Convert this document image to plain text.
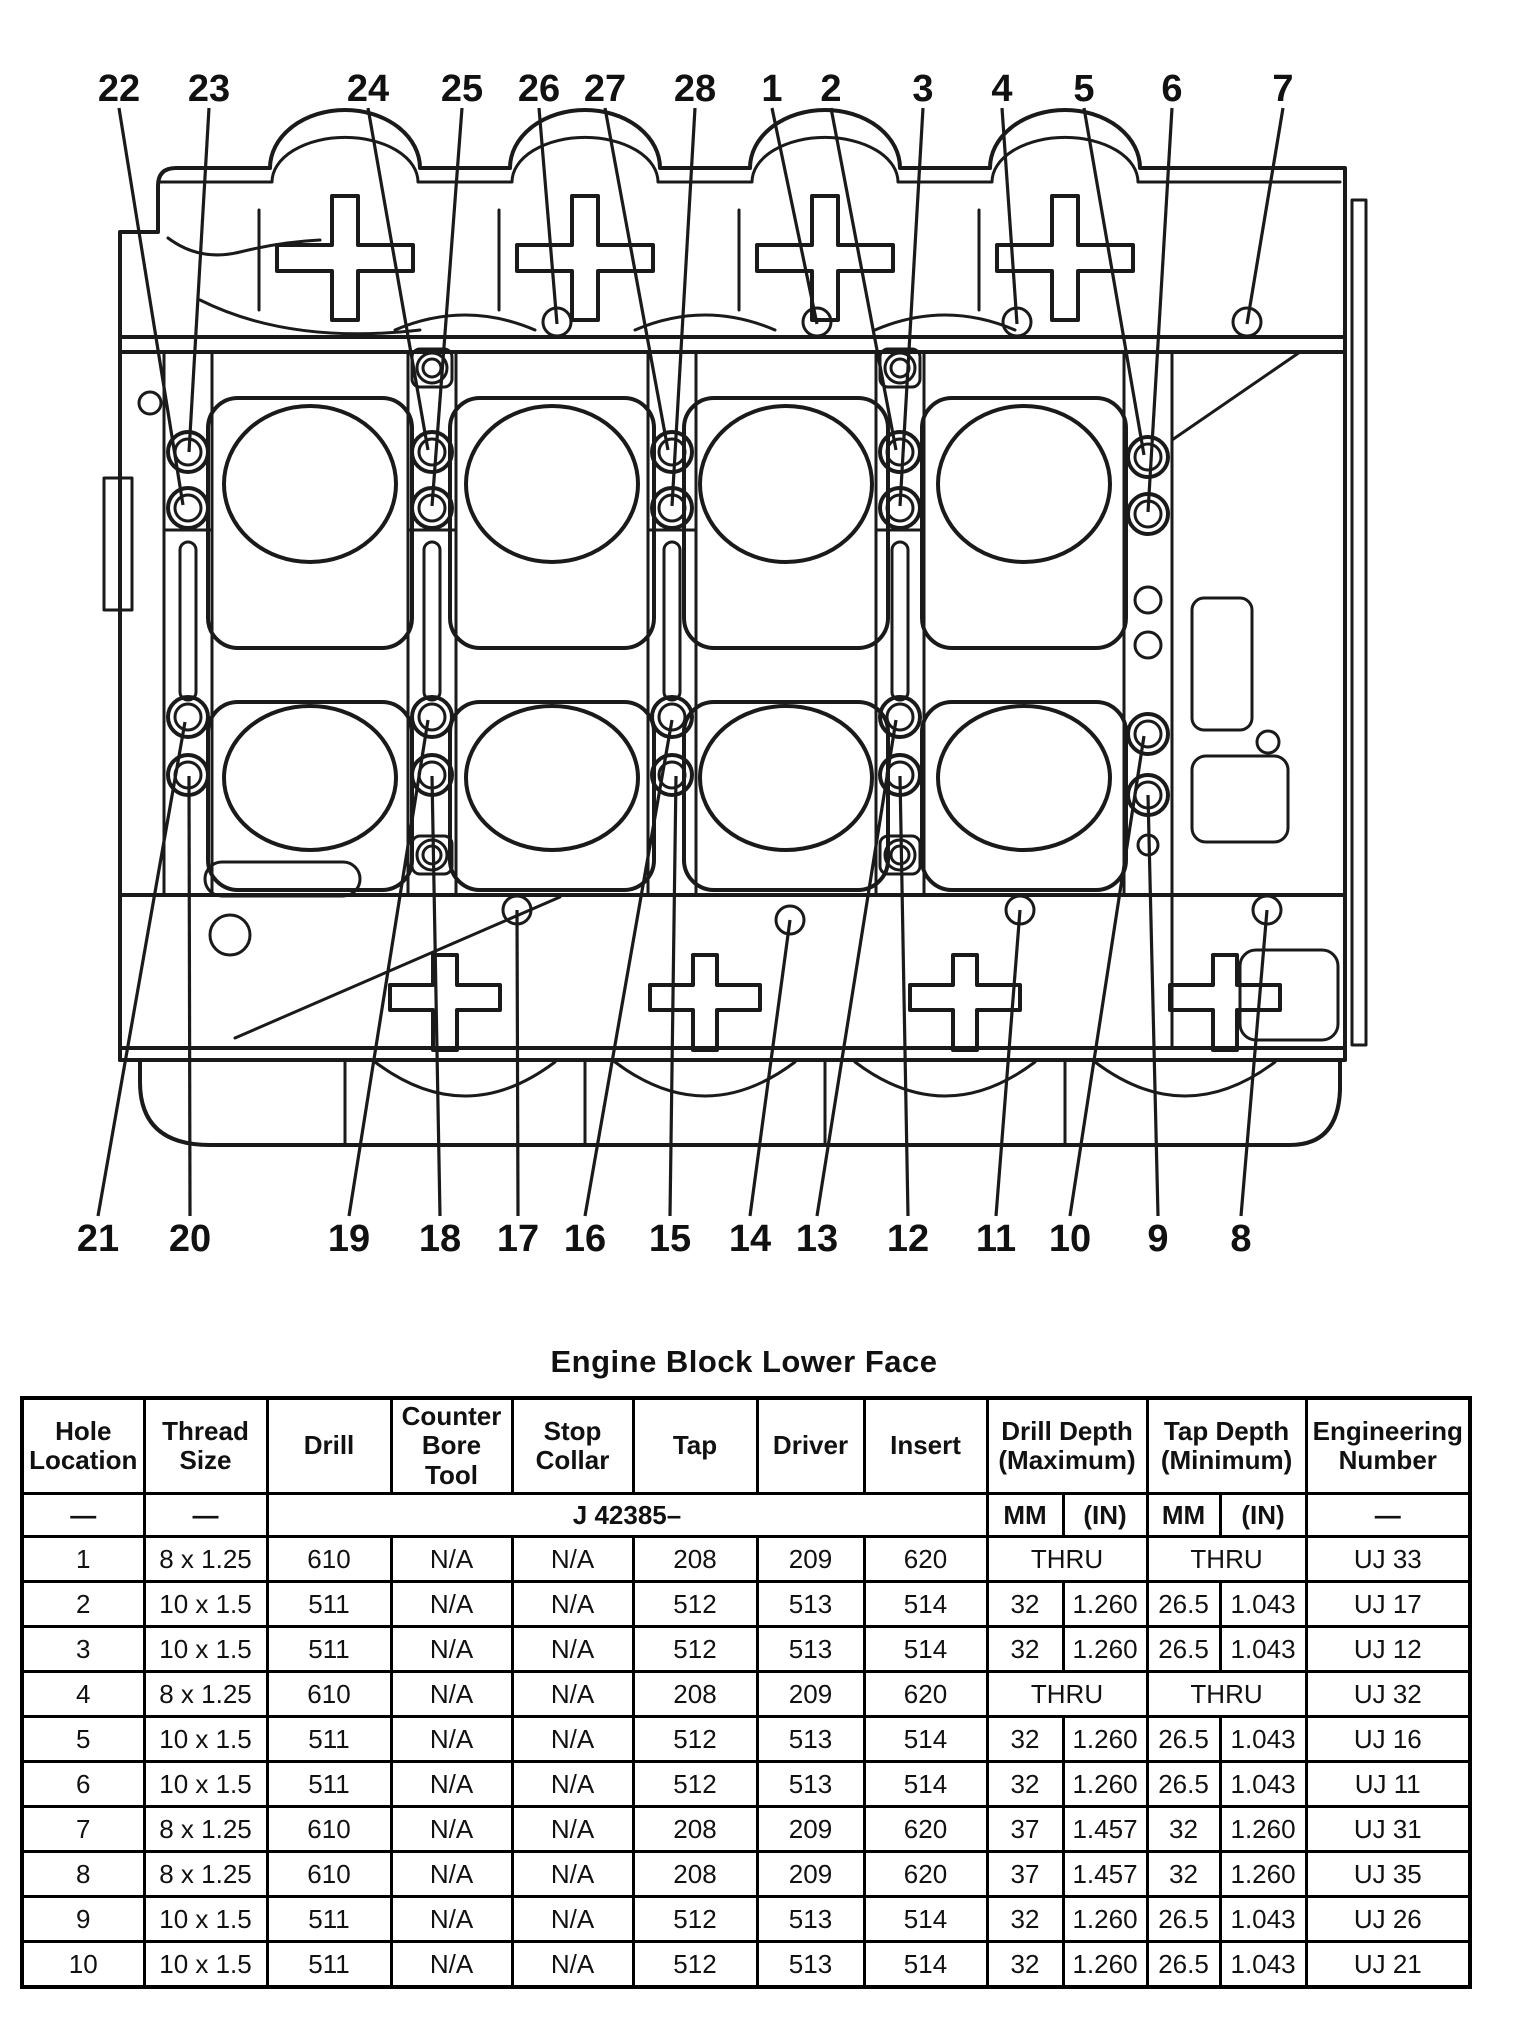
22 23	24 25 26 27 28 1 2 3 4 5 6 7
21 20	19 18 17 16 15 14 13 12 11 10 9 8
Engine Block Lower Face
Hole Location	Thread Size	Drill	Counter Bore Tool	Stop Collar	Tap	Driver	Insert	Drill Depth (Maximum)		Tap Depth (Minimum)		Engineering Number
—	—	J 42385–						MM	(IN)	MM	(IN)	—
1	8 x 1.25	610	N/A	N/A	208	209	620	THRU		THRU		UJ 33
2	10 x 1.5	511	N/A	N/A	512	513	514	32	1.260	26.5	1.043	UJ 17
3	10 x 1.5	511	N/A	N/A	512	513	514	32	1.260	26.5	1.043	UJ 12
4	8 x 1.25	610	N/A	N/A	208	209	620	THRU		THRU		UJ 32
5	10 x 1.5	511	N/A	N/A	512	513	514	32	1.260	26.5	1.043	UJ 16
6	10 x 1.5	511	N/A	N/A	512	513	514	32	1.260	26.5	1.043	UJ 11
7	8 x 1.25	610	N/A	N/A	208	209	620	37	1.457	32	1.260	UJ 31
8	8 x 1.25	610	N/A	N/A	208	209	620	37	1.457	32	1.260	UJ 35
9	10 x 1.5	511	N/A	N/A	512	513	514	32	1.260	26.5	1.043	UJ 26
10	10 x 1.5	511	N/A	N/A	512	513	514	32	1.260	26.5	1.043	UJ 21
